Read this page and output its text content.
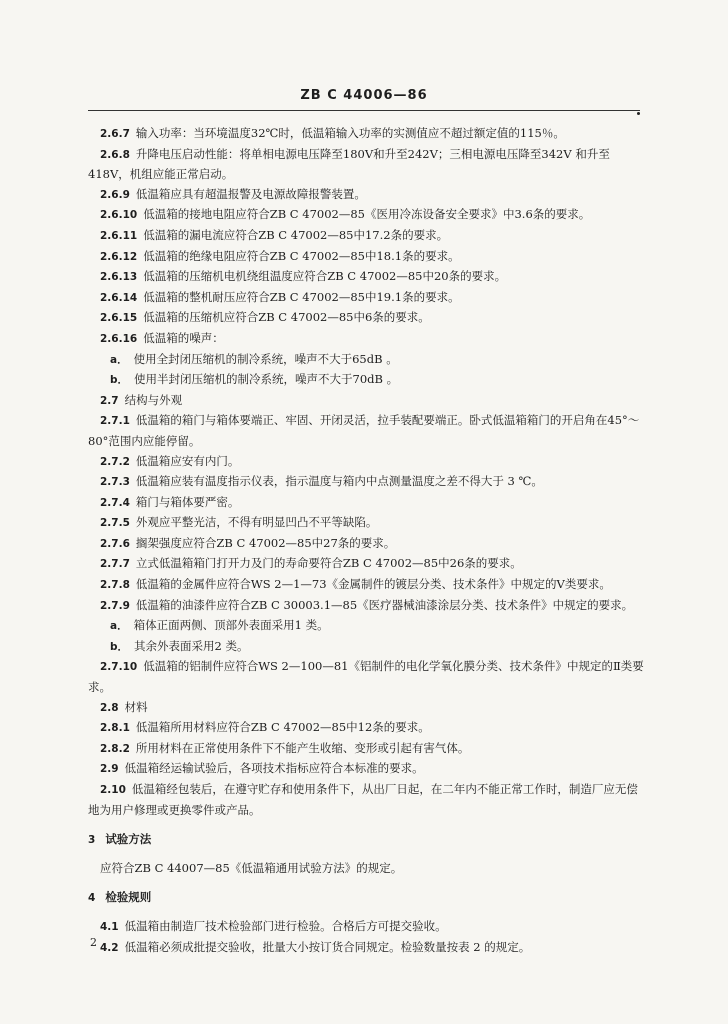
ZB C 44006—86

2.6.7 输入功率：当环境温度32℃时，低温箱输入功率的实测值应不超过额定值的115％。

2.6.8 升降电压启动性能：将单相电源电压降至180V和升至242V；三相电源电压降至342V 和升至418V，机组应能正常启动。

2.6.9 低温箱应具有超温报警及电源故障报警装置。

2.6.10 低温箱的接地电阻应符合ZB C 47002—85《医用冷冻设备安全要求》中3.6条的要求。

2.6.11 低温箱的漏电流应符合ZB C 47002—85中17.2条的要求。

2.6.12 低温箱的绝缘电阻应符合ZB C 47002—85中18.1条的要求。

2.6.13 低温箱的压缩机电机绕组温度应符合ZB C 47002—85中20条的要求。

2.6.14 低温箱的整机耐压应符合ZB C 47002—85中19.1条的要求。

2.6.15 低温箱的压缩机应符合ZB C 47002—85中6条的要求。

2.6.16 低温箱的噪声：

a． 使用全封闭压缩机的制冷系统，噪声不大于65dB 。

b． 使用半封闭压缩机的制冷系统，噪声不大于70dB 。

2.7 结构与外观

2.7.1 低温箱的箱门与箱体要端正、牢固、开闭灵活，拉手装配要端正。卧式低温箱箱门的开启角在45°～80°范围内应能停留。

2.7.2 低温箱应安有内门。

2.7.3 低温箱应装有温度指示仪表，指示温度与箱内中点测量温度之差不得大于 3 ℃。

2.7.4 箱门与箱体要严密。

2.7.5 外观应平整光洁，不得有明显凹凸不平等缺陷。

2.7.6 搁架强度应符合ZB C 47002—85中27条的要求。

2.7.7 立式低温箱箱门打开力及门的寿命要符合ZB C 47002—85中26条的要求。

2.7.8 低温箱的金属件应符合WS 2—1—73《金属制件的镀层分类、技术条件》中规定的Ⅴ类要求。

2.7.9 低温箱的油漆件应符合ZB C 30003.1—85《医疗器械油漆涂层分类、技术条件》中规定的要求。

a． 箱体正面两侧、顶部外表面采用1 类。

b． 其余外表面采用2 类。

2.7.10 低温箱的铝制件应符合WS 2—100—81《铝制件的电化学氧化膜分类、技术条件》中规定的Ⅱ类要求。

2.8 材料

2.8.1 低温箱所用材料应符合ZB C 47002—85中12条的要求。

2.8.2 所用材料在正常使用条件下不能产生收缩、变形或引起有害气体。

2.9 低温箱经运输试验后，各项技术指标应符合本标准的要求。

2.10 低温箱经包装后，在遵守贮存和使用条件下，从出厂日起，在二年内不能正常工作时，制造厂应无偿地为用户修理或更换零件或产品。

3 试验方法

应符合ZB C 44007—85《低温箱通用试验方法》的规定。

4 检验规则

4.1 低温箱由制造厂技术检验部门进行检验。合格后方可提交验收。

4.2 低温箱必须成批提交验收，批量大小按订货合同规定。检验数量按表 2 的规定。

2
